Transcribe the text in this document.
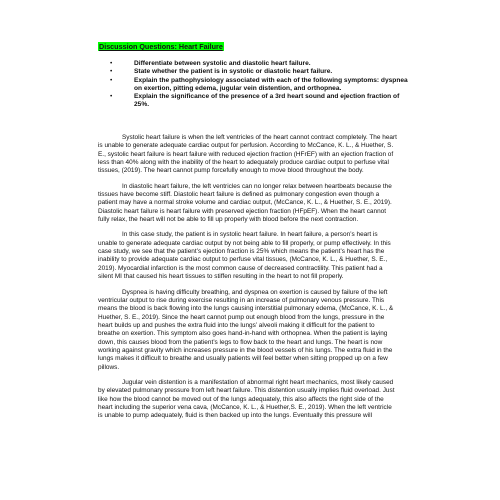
Discussion Questions: Heart Failure
•	Differentiate between systolic and diastolic heart failure.
•	State whether the patient is in systolic or diastolic heart failure.
•	Explain the pathophysiology associated with each of the following symptoms: dyspnea on exertion, pitting edema, jugular vein distention, and orthopnea.
•	Explain the significance of the presence of a 3rd heart sound and ejection fraction of 25%.

Systolic heart failure is when the left ventricles of the heart cannot contract completely. The heart is unable to generate adequate cardiac output for perfusion. According to McCance, K. L., & Huether, S. E., systolic heart failure is heart failure with reduced ejection fraction (HFrEF) with an ejection fraction of less than 40% along with the inability of the heart to adequately produce cardiac output to perfuse vital tissues, (2019). The heart cannot pump forcefully enough to move blood throughout the body.

In diastolic heart failure, the left ventricles can no longer relax between heartbeats because the tissues have become stiff. Diastolic heart failure is defined as pulmonary congestion even though a patient may have a normal stroke volume and cardiac output, (McCance, K. L., & Huether, S. E., 2019). Diastolic heart failure is heart failure with preserved ejection fraction (HFpEF). When the heart cannot fully relax, the heart will not be able to fill up properly with blood before the next contraction.

In this case study, the patient is in systolic heart failure. In heart failure, a person’s heart is unable to generate adequate cardiac output by not being able to fill properly, or pump effectively. In this case study, we see that the patient’s ejection fraction is 25% which means the patient’s heart has the inability to provide adequate cardiac output to perfuse vital tissues, (McCance, K. L., & Huether, S. E., 2019). Myocardial infarction is the most common cause of decreased contractility. This patient had a silent MI that caused his heart tissues to stiffen resulting in the heart to not fill properly.

Dyspnea is having difficulty breathing, and dyspnea on exertion is caused by failure of the left ventricular output to rise during exercise resulting in an increase of pulmonary venous pressure. This means the blood is back flowing into the lungs causing interstitial pulmonary edema, (McCance, K. L., & Huether, S. E., 2019). Since the heart cannot pump out enough blood from the lungs, pressure in the heart builds up and pushes the extra fluid into the lungs’ alveoli making it difficult for the patient to breathe on exertion. This symptom also goes hand-in-hand with orthopnea. When the patient is laying down, this causes blood from the patient’s legs to flow back to the heart and lungs. The heart is now working against gravity which increases pressure in the blood vessels of his lungs. The extra fluid in the lungs makes it difficult to breathe and usually patients will feel better when sitting propped up on a few pillows.

Jugular vein distention is a manifestation of abnormal right heart mechanics, most likely caused by elevated pulmonary pressure from left heart failure. This distention usually implies fluid overload. Just like how the blood cannot be moved out of the lungs adequately, this also affects the right side of the heart including the superior vena cava, (McCance, K. L., & Huether,S. E., 2019). When the left ventricle is unable to pump adequately, fluid is then backed up into the lungs. Eventually this pressure will
